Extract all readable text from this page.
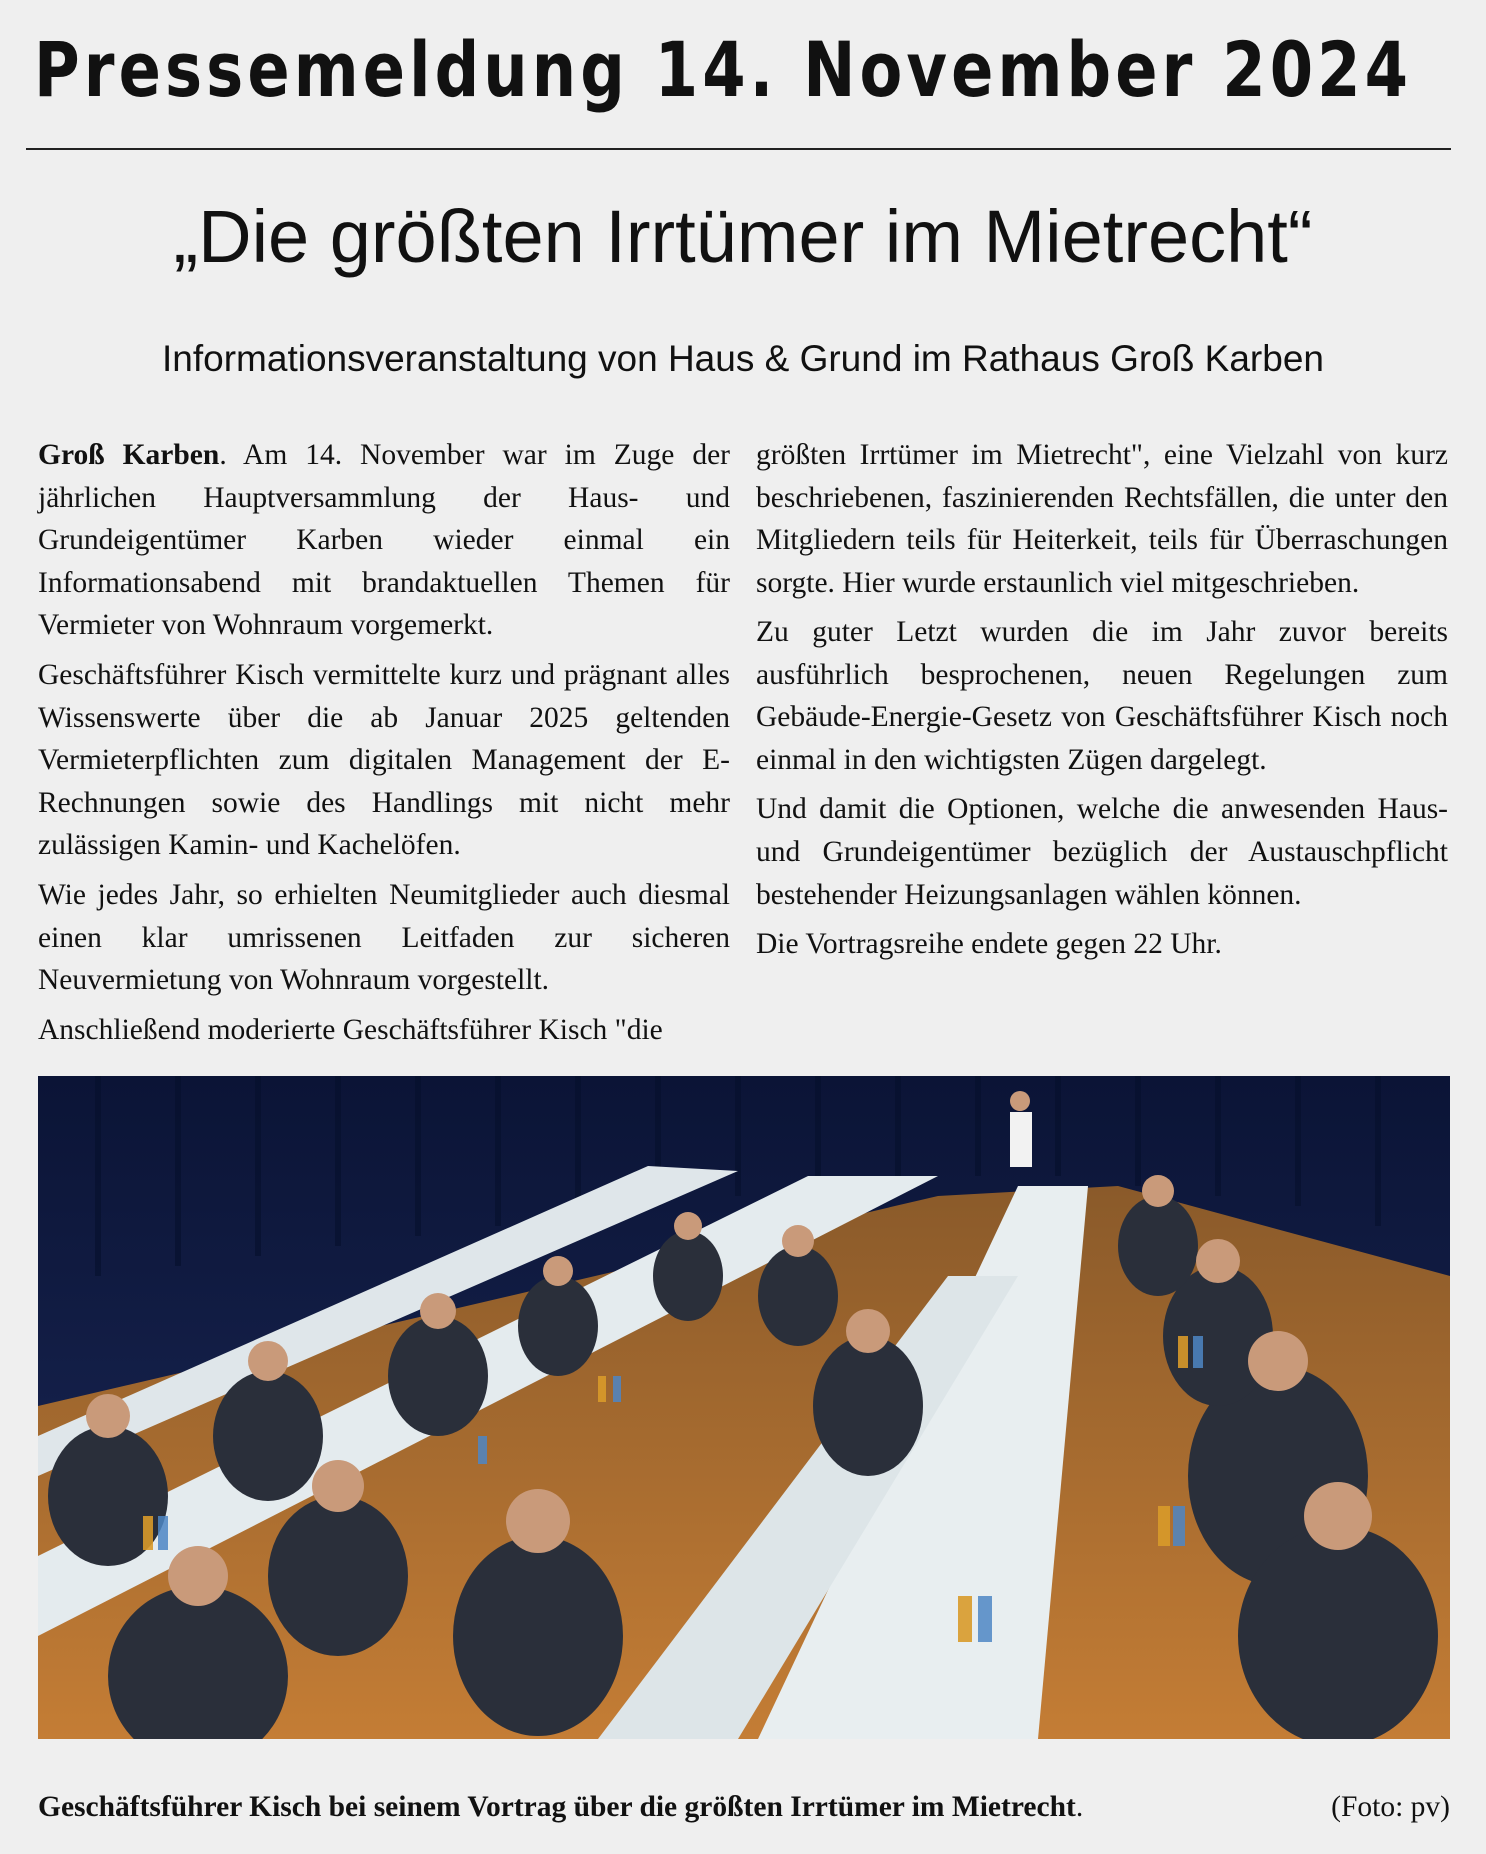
Pressemeldung 14. November 2024
„Die größten Irrtümer im Mietrecht“
Informationsveranstaltung von Haus & Grund im Rathaus Groß Karben

Groß Karben. Am 14. November war im Zuge der jährlichen Hauptversammlung der Haus- und Grundeigentümer Karben wieder einmal ein Informationsabend mit brandaktuellen Themen für Vermieter von Wohnraum vorgemerkt.

Geschäftsführer Kisch vermittelte kurz und prägnant alles Wissenswerte über die ab Januar 2025 geltenden Vermieterpflichten zum digitalen Management der E-Rechnungen sowie des Handlings mit nicht mehr zulässigen Kamin- und Kachelöfen.

Wie jedes Jahr, so erhielten Neumitglieder auch diesmal einen klar umrissenen Leitfaden zur sicheren Neuvermietung von Wohnraum vorgestellt.

Anschließend moderierte Geschäftsführer Kisch "die

größten Irrtümer im Mietrecht", eine Vielzahl von kurz beschriebenen, faszinierenden Rechtsfällen, die unter den Mitgliedern teils für Heiterkeit, teils für Überraschungen sorgte. Hier wurde erstaunlich viel mitgeschrieben.

Zu guter Letzt wurden die im Jahr zuvor bereits ausführlich besprochenen, neuen Regelungen zum Gebäude-Energie-Gesetz von Geschäftsführer Kisch noch einmal in den wichtigsten Zügen dargelegt.

Und damit die Optionen, welche die anwesenden Haus- und Grundeigentümer bezüglich der Austauschpflicht bestehender Heizungsanlagen wählen können.

Die Vortragsreihe endete gegen 22 Uhr.

Geschäftsführer Kisch bei seinem Vortrag über die größten Irrtümer im Mietrecht.	(Foto: pv)
